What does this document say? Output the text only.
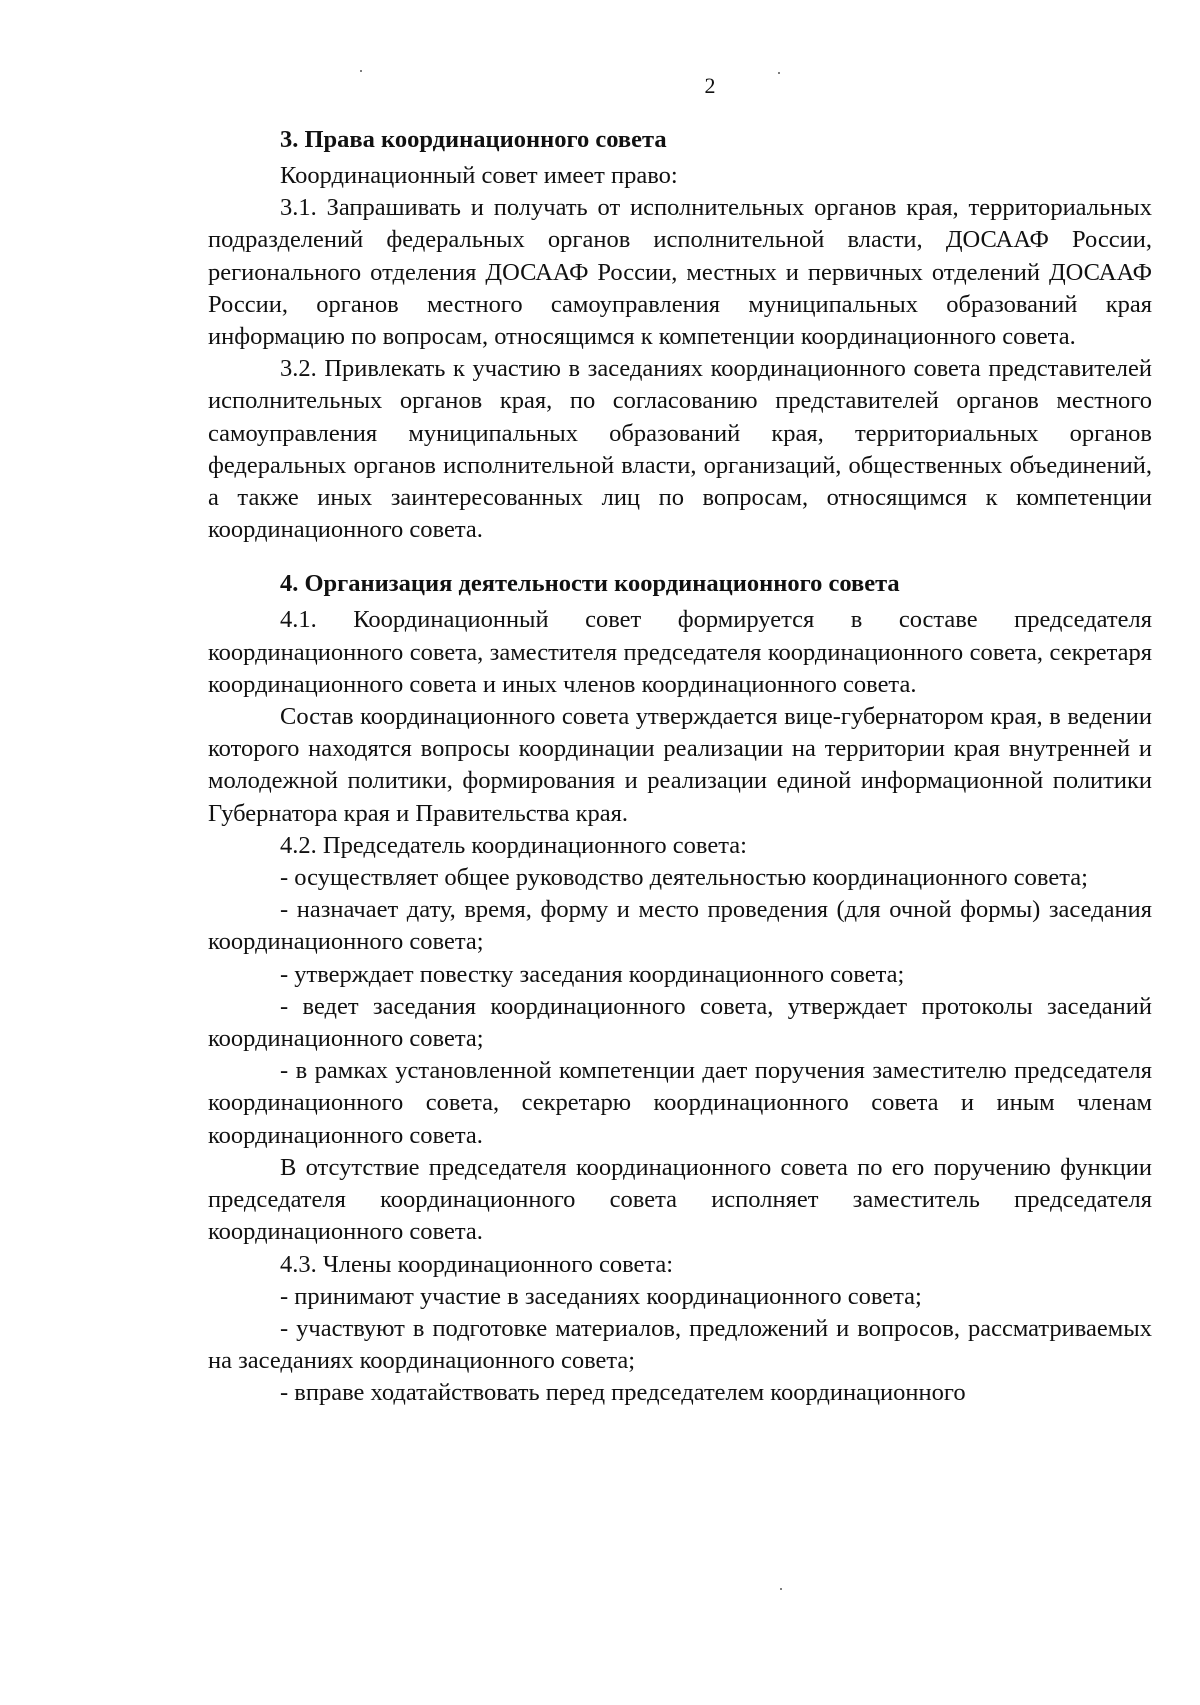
2
3. Права координационного совета

Координационный совет имеет право:

3.1. Запрашивать и получать от исполнительных органов края, территориальных подразделений федеральных органов исполнительной власти, ДОСААФ России, регионального отделения ДОСААФ России, местных и первичных отделений ДОСААФ России, органов местного самоуправления муниципальных образований края информацию по вопросам, относящимся к компетенции координационного совета.

3.2. Привлекать к участию в заседаниях координационного совета представителей исполнительных органов края, по согласованию представителей органов местного самоуправления муниципальных образований края, территориальных органов федеральных органов исполнительной власти, организаций, общественных объединений, а также иных заинтересованных лиц по вопросам, относящимся к компетенции координационного совета.

4. Организация деятельности координационного совета

4.1. Координационный совет формируется в составе председателя координационного совета, заместителя председателя координационного совета, секретаря координационного совета и иных членов координационного совета.

Состав координационного совета утверждается вице-губернатором края, в ведении которого находятся вопросы координации реализации на территории края внутренней и молодежной политики, формирования и реализации единой информационной политики Губернатора края и Правительства края.

4.2. Председатель координационного совета:

- осуществляет общее руководство деятельностью координационного совета;

- назначает дату, время, форму и место проведения (для очной формы) заседания координационного совета;

- утверждает повестку заседания координационного совета;

- ведет заседания координационного совета, утверждает протоколы заседаний координационного совета;

- в рамках установленной компетенции дает поручения заместителю председателя координационного совета, секретарю координационного совета и иным членам координационного совета.

В отсутствие председателя координационного совета по его поручению функции председателя координационного совета исполняет заместитель председателя координационного совета.

4.3. Члены координационного совета:

- принимают участие в заседаниях координационного совета;

- участвуют в подготовке материалов, предложений и вопросов, рассматриваемых на заседаниях координационного совета;

- вправе ходатайствовать перед председателем координационного
